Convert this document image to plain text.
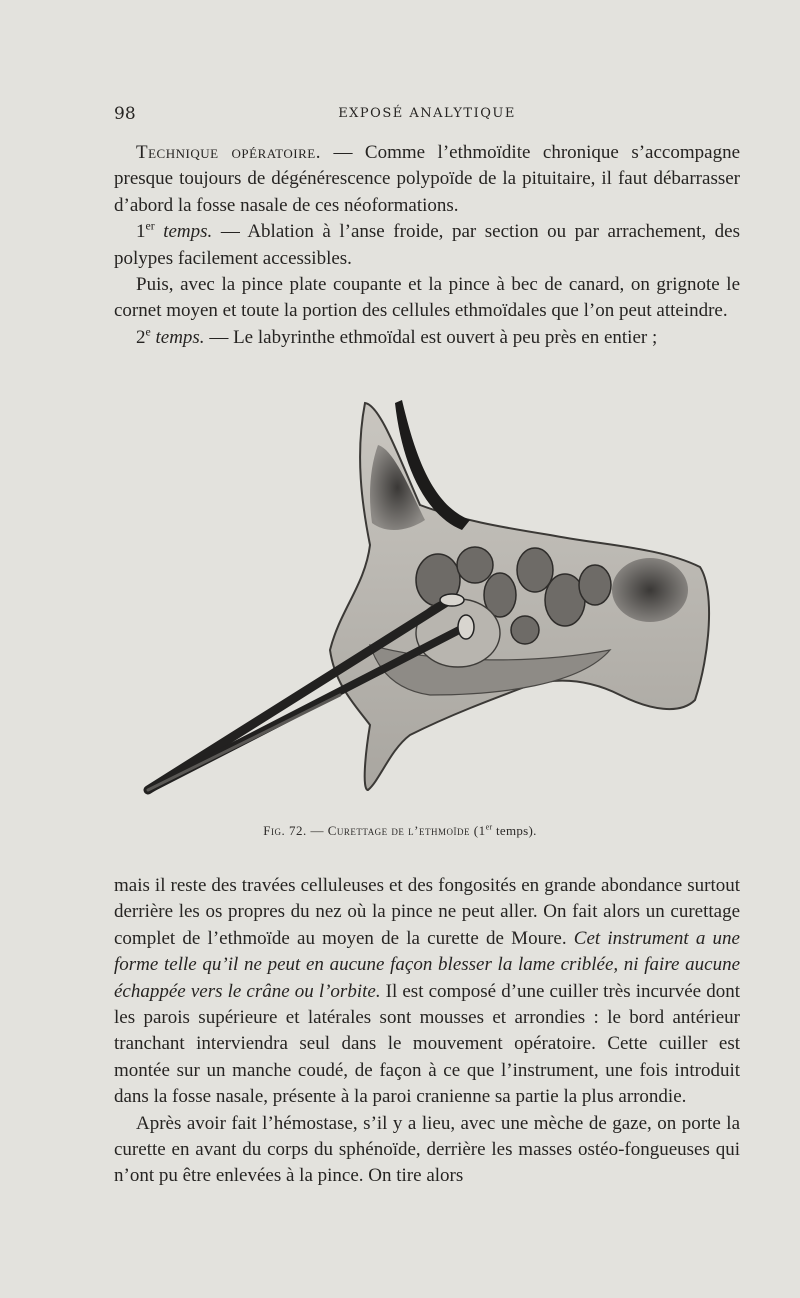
98	EXPOSÉ ANALYTIQUE

Technique opératoire. — Comme l’ethmoïdite chronique s’accompagne presque toujours de dégénérescence polypoïde de la pituitaire, il faut débarrasser d’abord la fosse nasale de ces néoformations.

1er temps. — Ablation à l’anse froide, par section ou par arrachement, des polypes facilement accessibles.

Puis, avec la pince plate coupante et la pince à bec de canard, on grignote le cornet moyen et toute la portion des cellules ethmoïdales que l’on peut atteindre.

2e temps. — Le labyrinthe ethmoïdal est ouvert à peu près en entier ;

Fig. 72. — Curettage de l’ethmoïde (1er temps).

mais il reste des travées celluleuses et des fongosités en grande abondance surtout derrière les os propres du nez où la pince ne peut aller. On fait alors un curettage complet de l’ethmoïde au moyen de la curette de Moure. Cet instrument a une forme telle qu’il ne peut en aucune façon blesser la lame criblée, ni faire aucune échappée vers le crâne ou l’orbite. Il est composé d’une cuiller très incurvée dont les parois supérieure et latérales sont mousses et arrondies : le bord antérieur tranchant interviendra seul dans le mouvement opératoire. Cette cuiller est montée sur un manche coudé, de façon à ce que l’instrument, une fois introduit dans la fosse nasale, présente à la paroi cranienne sa partie la plus arrondie.

Après avoir fait l’hémostase, s’il y a lieu, avec une mèche de gaze, on porte la curette en avant du corps du sphénoïde, derrière les masses ostéo-fongueuses qui n’ont pu être enlevées à la pince. On tire alors
